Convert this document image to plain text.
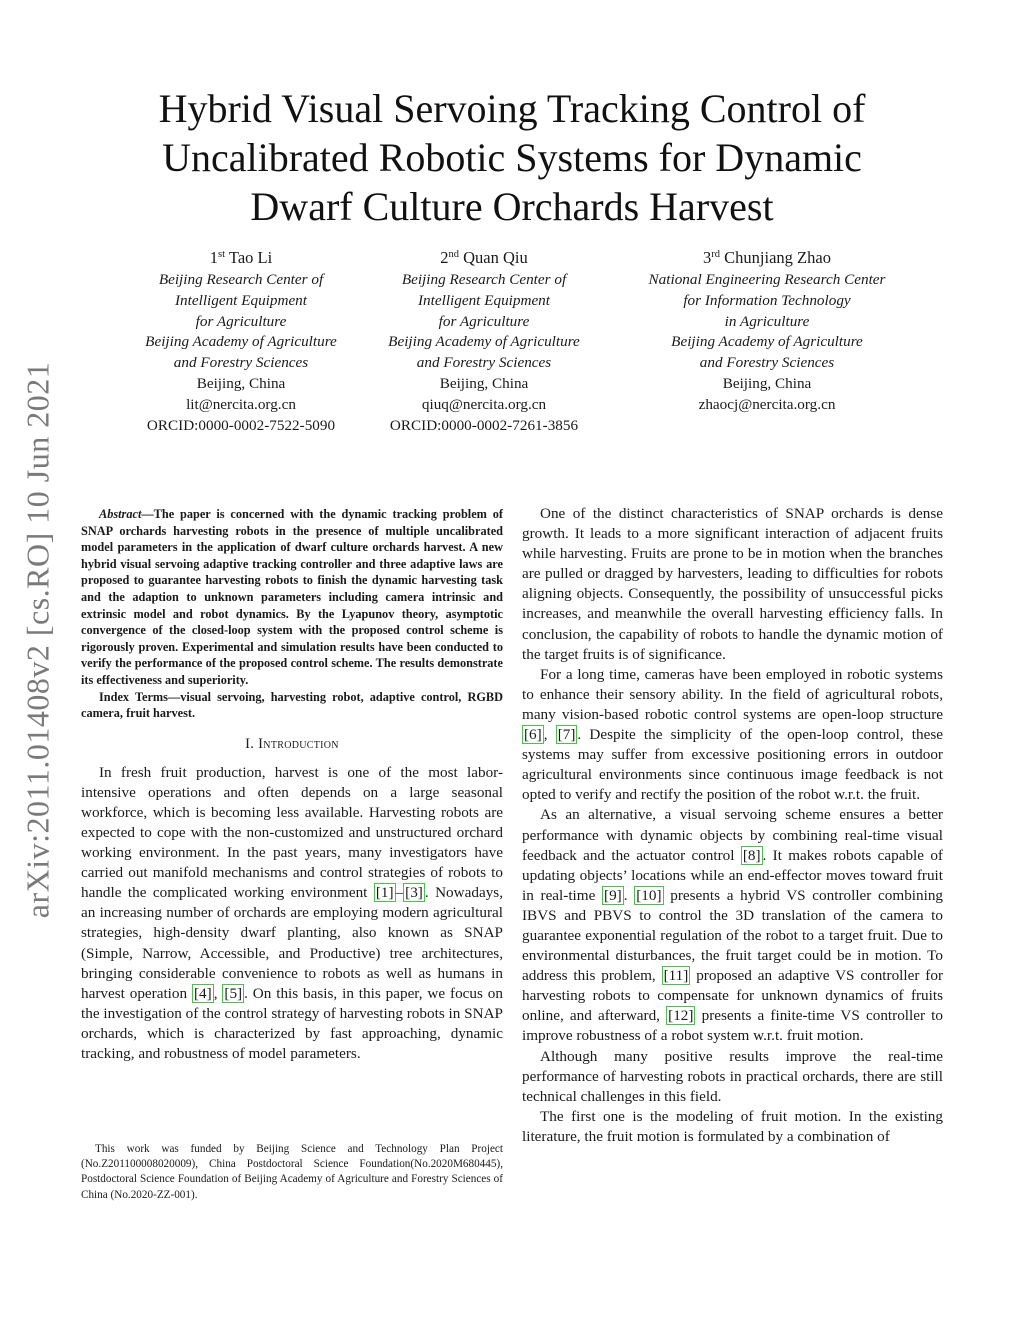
arXiv:2011.01408v2 [cs.RO] 10 Jun 2021
Hybrid Visual Servoing Tracking Control of Uncalibrated Robotic Systems for Dynamic Dwarf Culture Orchards Harvest
1st Tao Li
Beijing Research Center of
Intelligent Equipment
for Agriculture
Beijing Academy of Agriculture
and Forestry Sciences
Beijing, China
lit@nercita.org.cn
ORCID:0000-0002-7522-5090
2nd Quan Qiu
Beijing Research Center of
Intelligent Equipment
for Agriculture
Beijing Academy of Agriculture
and Forestry Sciences
Beijing, China
qiuq@nercita.org.cn
ORCID:0000-0002-7261-3856
3rd Chunjiang Zhao
National Engineering Research Center
for Information Technology
in Agriculture
Beijing Academy of Agriculture
and Forestry Sciences
Beijing, China
zhaocj@nercita.org.cn

Abstract—The paper is concerned with the dynamic tracking problem of SNAP orchards harvesting robots in the presence of multiple uncalibrated model parameters in the application of dwarf culture orchards harvest. A new hybrid visual servoing adaptive tracking controller and three adaptive laws are proposed to guarantee harvesting robots to finish the dynamic harvesting task and the adaption to unknown parameters including camera intrinsic and extrinsic model and robot dynamics. By the Lyapunov theory, asymptotic convergence of the closed-loop system with the proposed control scheme is rigorously proven. Experimental and simulation results have been conducted to verify the performance of the proposed control scheme. The results demonstrate its effectiveness and superiority.

Index Terms—visual servoing, harvesting robot, adaptive control, RGBD camera, fruit harvest.

I. Introduction

In fresh fruit production, harvest is one of the most labor-intensive operations and often depends on a large seasonal workforce, which is becoming less available. Harvesting robots are expected to cope with the non-customized and unstructured orchard working environment. In the past years, many investigators have carried out manifold mechanisms and control strategies of robots to handle the complicated working environment [1] – [3] . Nowadays, an increasing number of orchards are employing modern agricultural strategies, high-density dwarf planting, also known as SNAP (Simple, Narrow, Accessible, and Productive) tree architectures, bringing considerable convenience to robots as well as humans in harvest operation [4] , [5] . On this basis, in this paper, we focus on the investigation of the control strategy of harvesting robots in SNAP orchards, which is characterized by fast approaching, dynamic tracking, and robustness of model parameters.

This work was funded by Beijing Science and Technology Plan Project (No.Z201100008020009), China Postdoctoral Science Foundation(No.2020M680445), Postdoctoral Science Foundation of Beijing Academy of Agriculture and Forestry Sciences of China (No.2020-ZZ-001).

One of the distinct characteristics of SNAP orchards is dense growth. It leads to a more significant interaction of adjacent fruits while harvesting. Fruits are prone to be in motion when the branches are pulled or dragged by harvesters, leading to difficulties for robots aligning objects. Consequently, the possibility of unsuccessful picks increases, and meanwhile the overall harvesting efficiency falls. In conclusion, the capability of robots to handle the dynamic motion of the target fruits is of significance.

For a long time, cameras have been employed in robotic systems to enhance their sensory ability. In the field of agricultural robots, many vision-based robotic control systems are open-loop structure [6] , [7] . Despite the simplicity of the open-loop control, these systems may suffer from excessive positioning errors in outdoor agricultural environments since continuous image feedback is not opted to verify and rectify the position of the robot w.r.t. the fruit.

As an alternative, a visual servoing scheme ensures a better performance with dynamic objects by combining real-time visual feedback and the actuator control [8] . It makes robots capable of updating objects’ locations while an end-effector moves toward fruit in real-time [9] . [10] presents a hybrid VS controller combining IBVS and PBVS to control the 3D translation of the camera to guarantee exponential regulation of the robot to a target fruit. Due to environmental disturbances, the fruit target could be in motion. To address this problem, [11] proposed an adaptive VS controller for harvesting robots to compensate for unknown dynamics of fruits online, and afterward, [12] presents a finite-time VS controller to improve robustness of a robot system w.r.t. fruit motion.

Although many positive results improve the real-time performance of harvesting robots in practical orchards, there are still technical challenges in this field.

The first one is the modeling of fruit motion. In the existing literature, the fruit motion is formulated by a combination of
